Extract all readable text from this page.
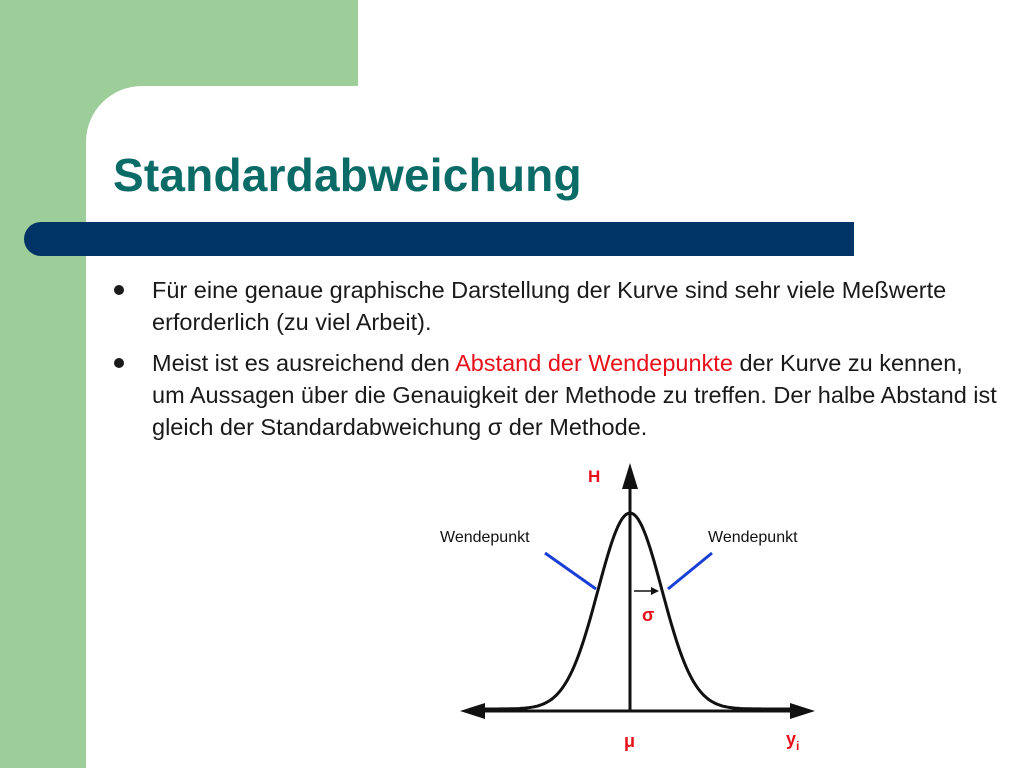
Standardabweichung
Für eine genaue graphische Darstellung der Kurve sind sehr viele Meßwerte erforderlich (zu viel Arbeit).
Meist ist es ausreichend den Abstand der Wendepunkte der Kurve zu kennen, um Aussagen über die Genauigkeit der Methode zu treffen. Der halbe Abstand ist gleich der Standardabweichung σ der Methode.
H
Wendepunkt	Wendepunkt
σ
μ	$y_i$
